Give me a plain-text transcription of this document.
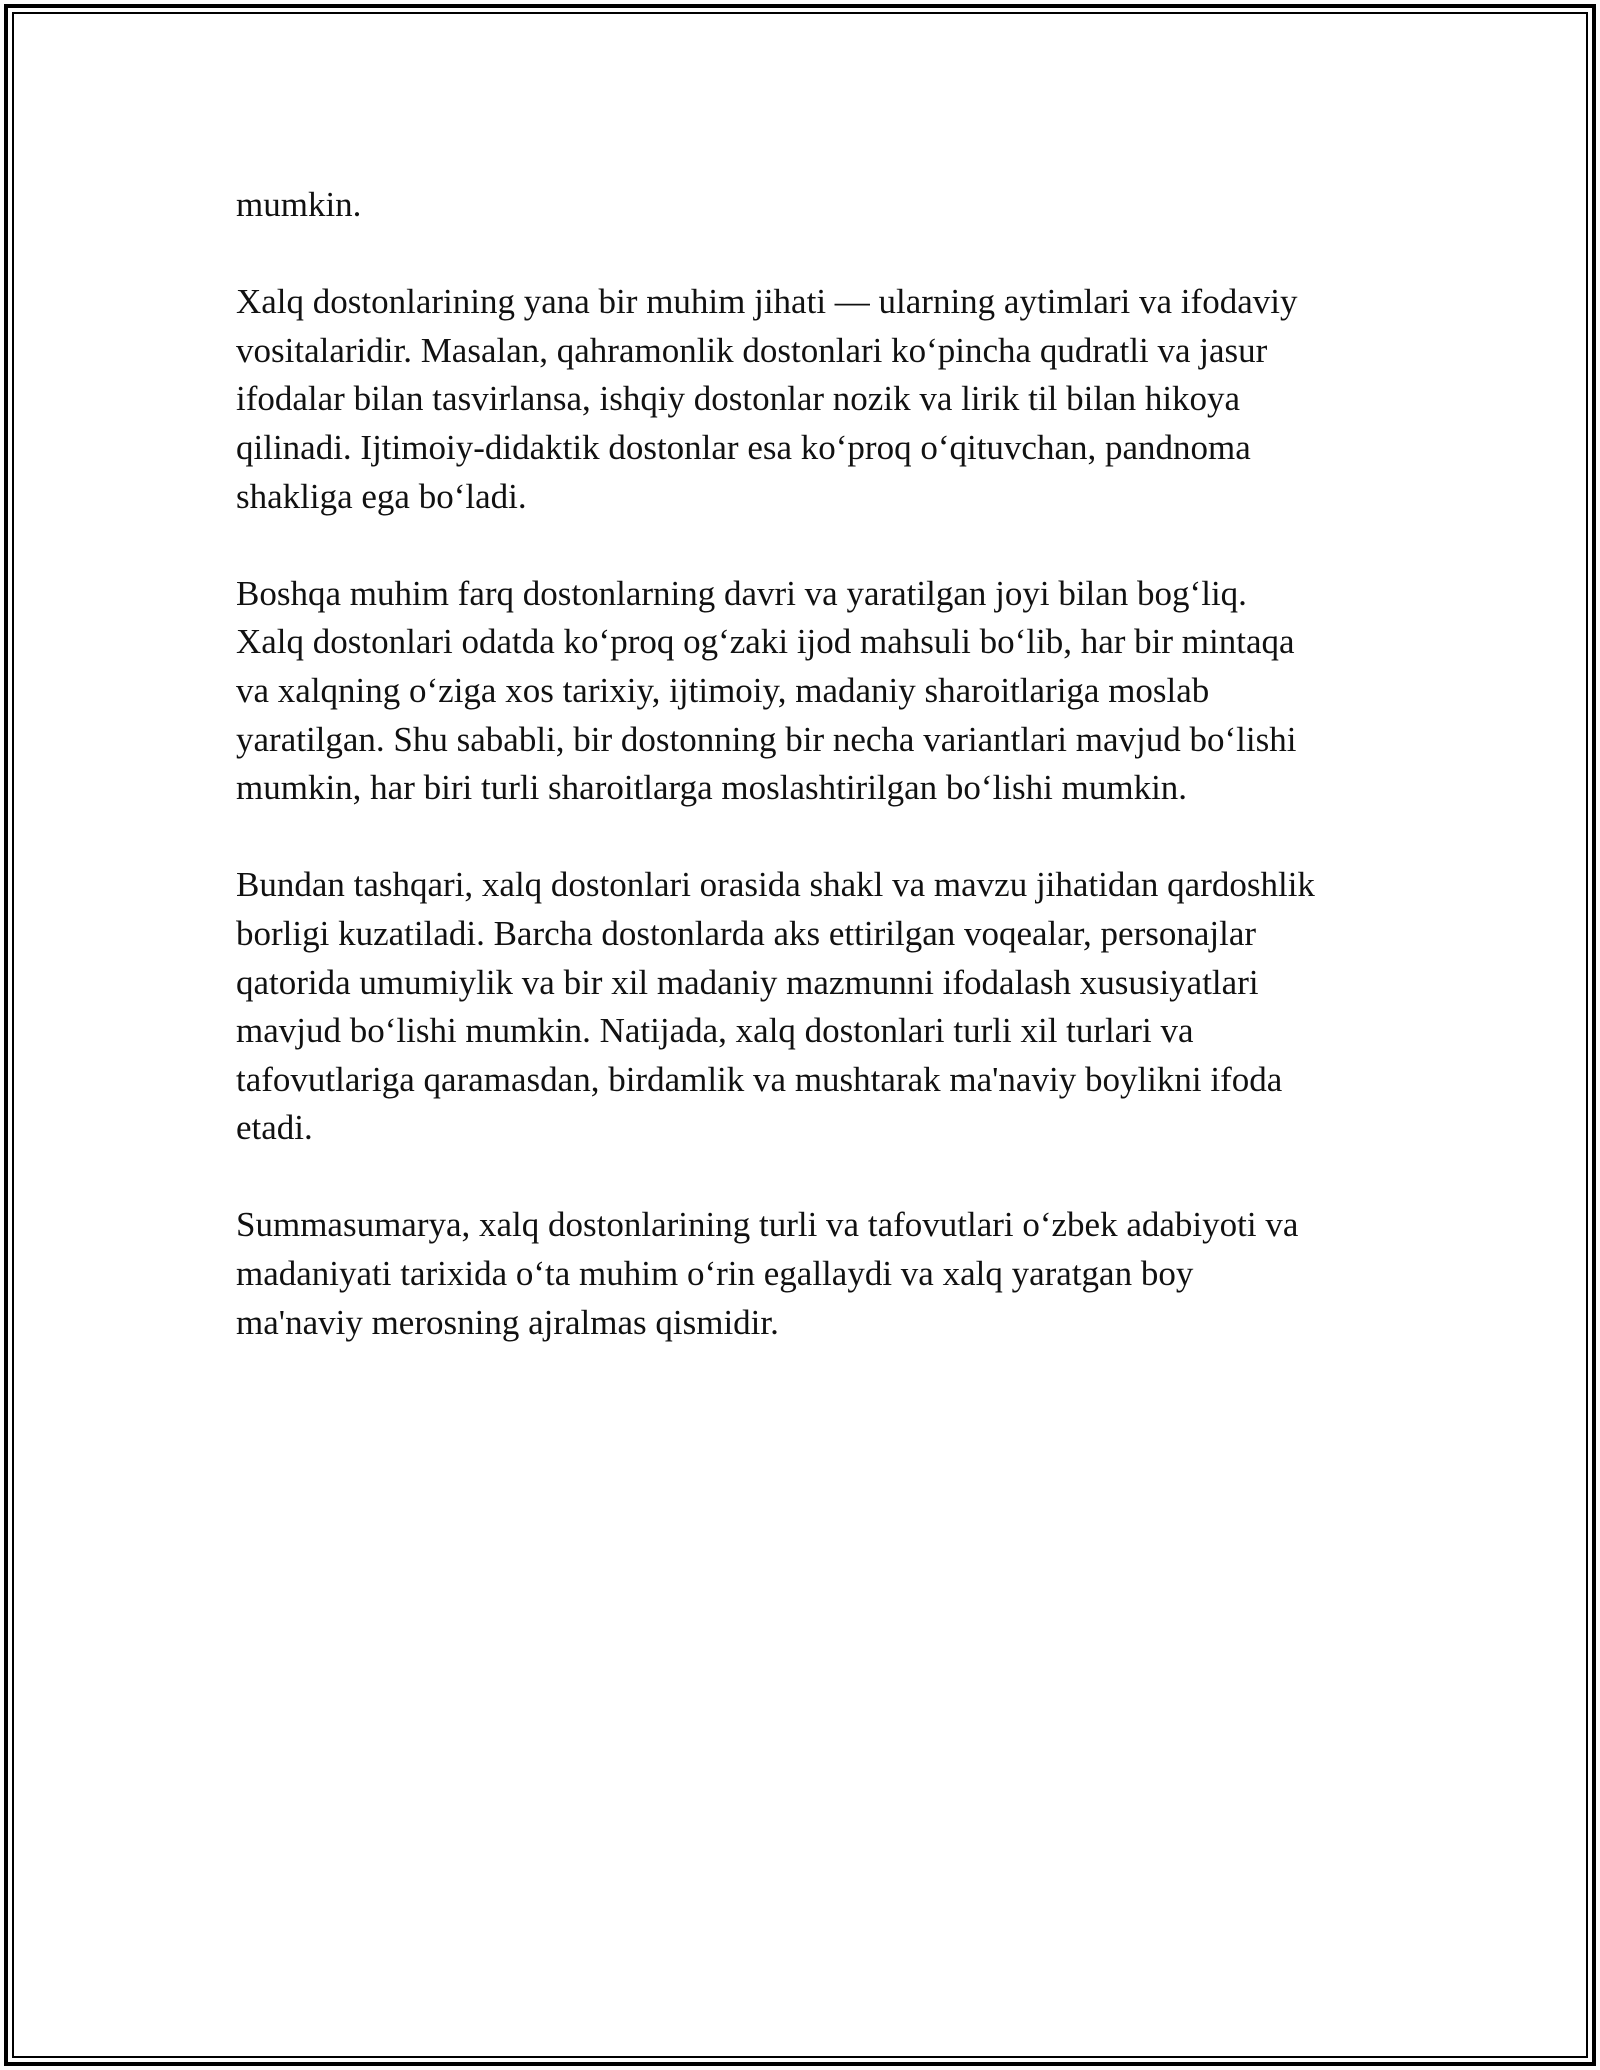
mumkin.

Xalq dostonlarining yana bir muhim jihati — ularning aytimlari va ifodaviy
vositalaridir. Masalan, qahramonlik dostonlari ko‘pincha qudratli va jasur
ifodalar bilan tasvirlansa, ishqiy dostonlar nozik va lirik til bilan hikoya
qilinadi. Ijtimoiy-didaktik dostonlar esa ko‘proq o‘qituvchan, pandnoma
shakliga ega bo‘ladi.

Boshqa muhim farq dostonlarning davri va yaratilgan joyi bilan bog‘liq.
Xalq dostonlari odatda ko‘proq og‘zaki ijod mahsuli bo‘lib, har bir mintaqa
va xalqning o‘ziga xos tarixiy, ijtimoiy, madaniy sharoitlariga moslab
yaratilgan. Shu sababli, bir dostonning bir necha variantlari mavjud bo‘lishi
mumkin, har biri turli sharoitlarga moslashtirilgan bo‘lishi mumkin.

Bundan tashqari, xalq dostonlari orasida shakl va mavzu jihatidan qardoshlik
borligi kuzatiladi. Barcha dostonlarda aks ettirilgan voqealar, personajlar
qatorida umumiylik va bir xil madaniy mazmunni ifodalash xususiyatlari
mavjud bo‘lishi mumkin. Natijada, xalq dostonlari turli xil turlari va
tafovutlariga qaramasdan, birdamlik va mushtarak ma'naviy boylikni ifoda
etadi.

Summasumarya, xalq dostonlarining turli va tafovutlari o‘zbek adabiyoti va
madaniyati tarixida o‘ta muhim o‘rin egallaydi va xalq yaratgan boy
ma'naviy merosning ajralmas qismidir.
